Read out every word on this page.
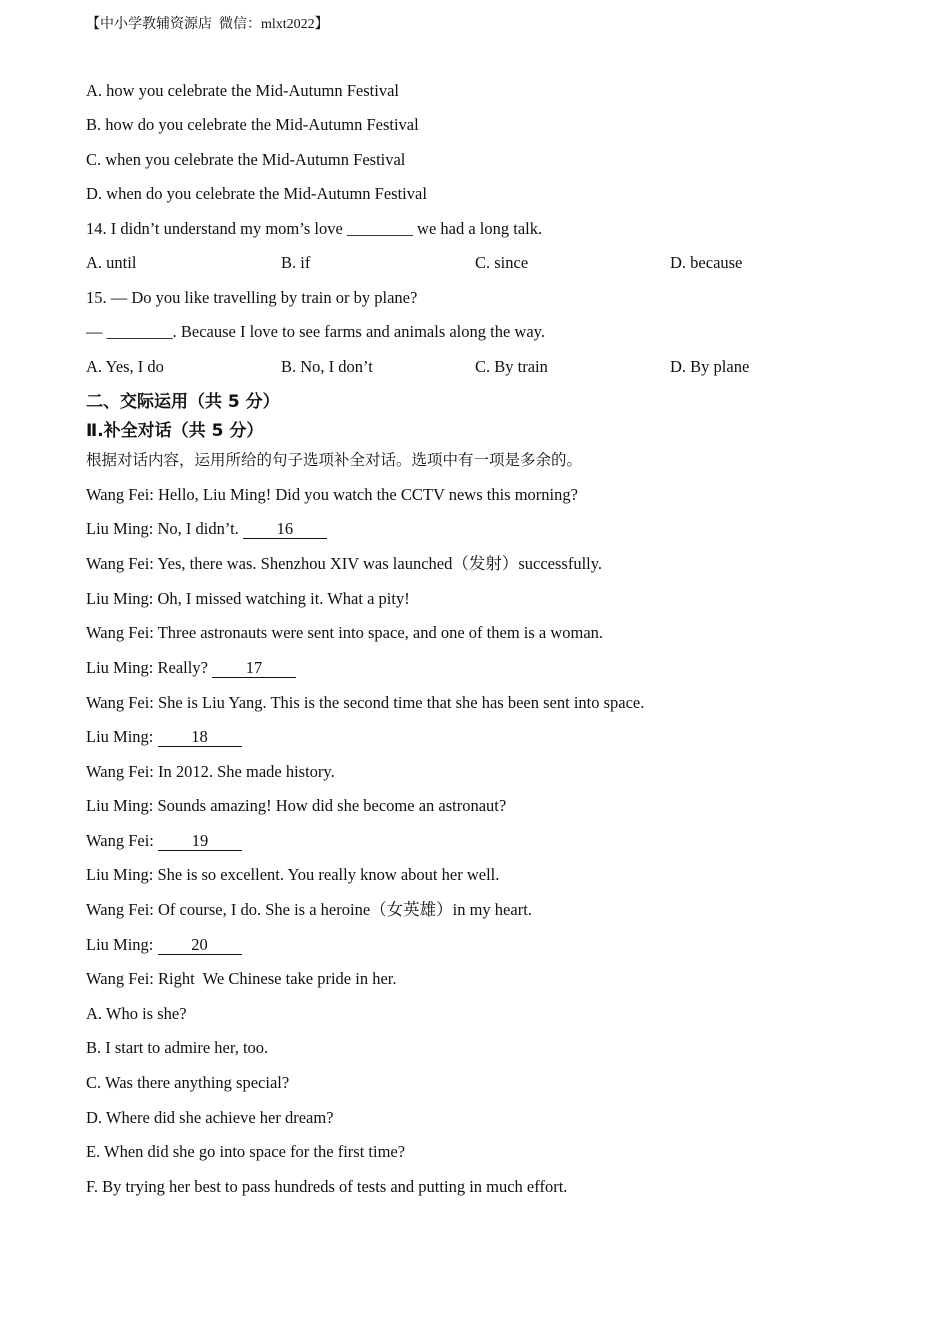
【中小学教辅资源店  微信：mlxt2022】
A. how you celebrate the Mid-Autumn Festival
B. how do you celebrate the Mid-Autumn Festival
C. when you celebrate the Mid-Autumn Festival
D. when do you celebrate the Mid-Autumn Festival
14. I didn’t understand my mom’s love ________ we had a long talk.
A. until	B. if	C. since	D. because
15. — Do you like travelling by train or by plane?
— ________. Because I love to see farms and animals along the way.
A. Yes, I do	B. No, I don’t	C. By train	D. By plane
二、交际运用（共 5 分）
Ⅱ.补全对话（共 5 分）
根据对话内容，运用所给的句子选项补全对话。选项中有一项是多余的。
Wang Fei: Hello, Liu Ming! Did you watch the CCTV news this morning?
Liu Ming: No, I didn’t. 16
Wang Fei: Yes, there was. Shenzhou XIV was launched（发射）successfully.
Liu Ming: Oh, I missed watching it. What a pity!
Wang Fei: Three astronauts were sent into space, and one of them is a woman.
Liu Ming: Really? 17
Wang Fei: She is Liu Yang. This is the second time that she has been sent into space.
Liu Ming: 18
Wang Fei: In 2012. She made history.
Liu Ming: Sounds amazing! How did she become an astronaut?
Wang Fei: 19
Liu Ming: She is so excellent. You really know about her well.
Wang Fei: Of course, I do. She is a heroine（女英雄）in my heart.
Liu Ming: 20
Wang Fei: Right  We Chinese take pride in her.
A. Who is she?
B. I start to admire her, too.
C. Was there anything special?
D. Where did she achieve her dream?
E. When did she go into space for the first time?
F. By trying her best to pass hundreds of tests and putting in much effort.
